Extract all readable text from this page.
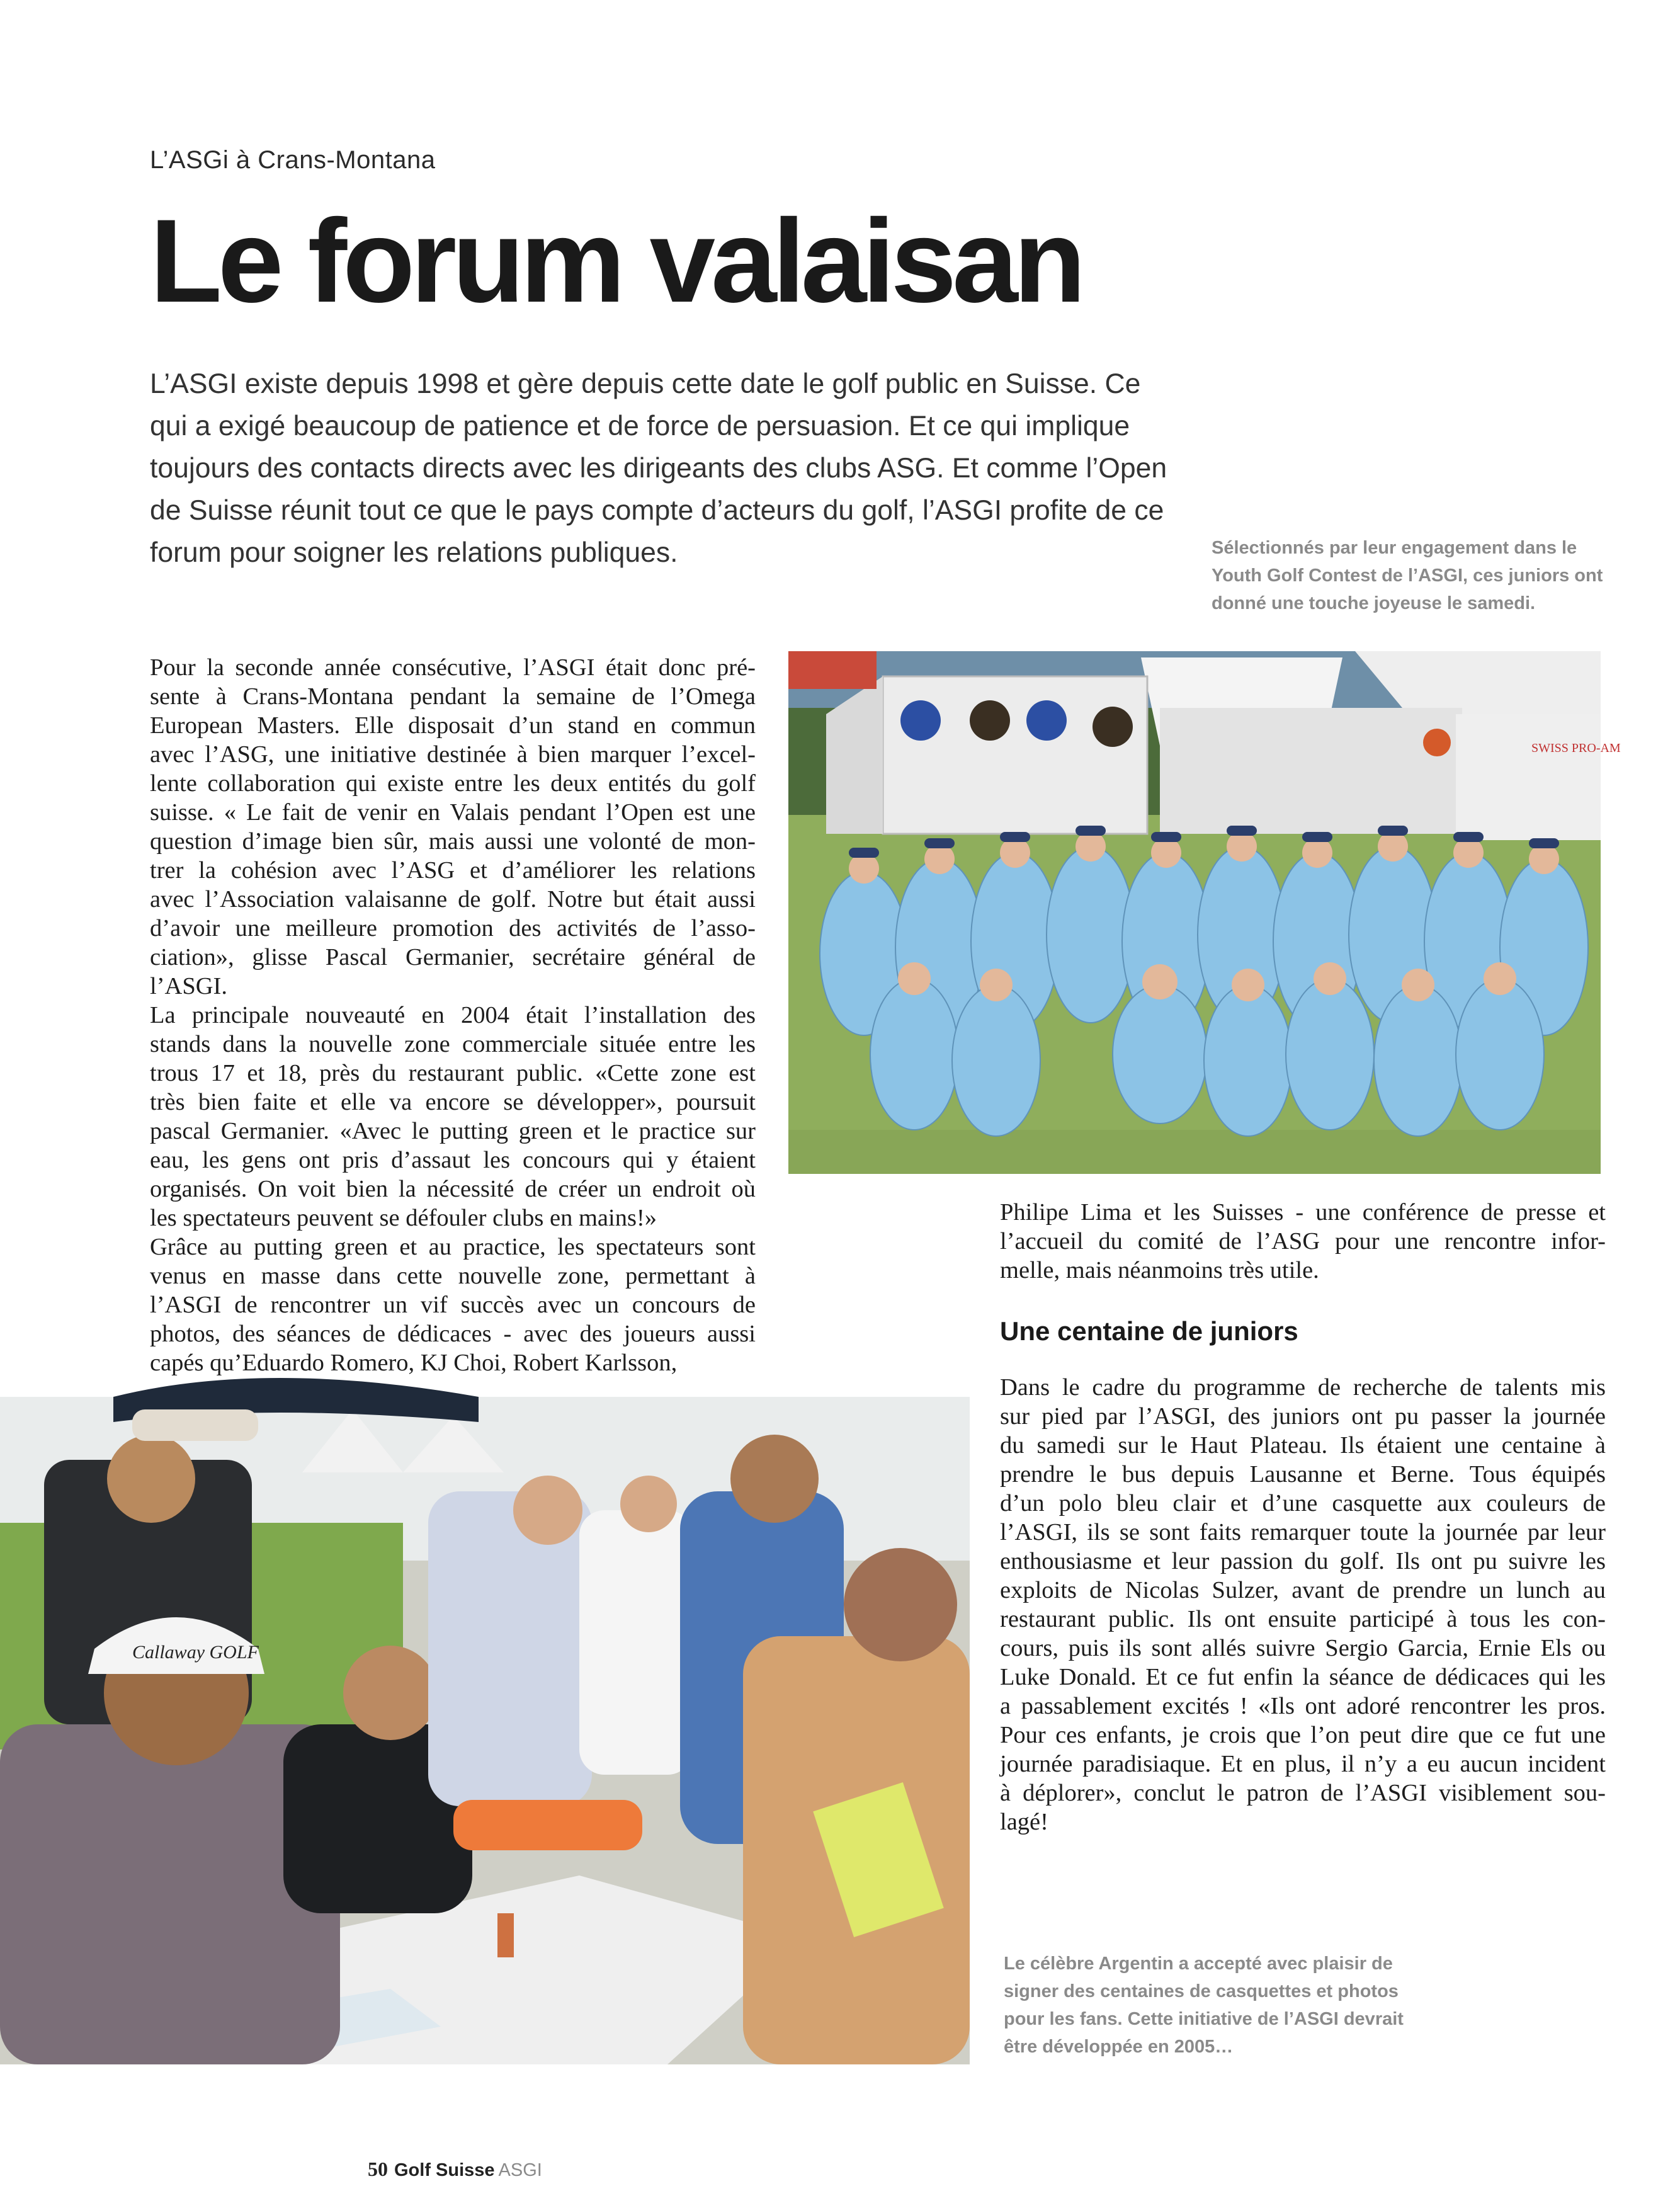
L’ASGi à Crans-Montana
Le forum valaisan

L’ASGI existe depuis 1998 et gère depuis cette date le golf public en Suisse. Ce
qui a exigé beaucoup de patience et de force de persuasion. Et ce qui implique
toujours des contacts directs avec les dirigeants des clubs ASG. Et comme l’Open
de Suisse réunit tout ce que le pays compte d’acteurs du golf, l’ASGI profite de ce
forum pour soigner les relations publiques.	Sélectionnés par leur engagement dans le
Youth Golf Contest de l’ASGI, ces juniors ont
donné une touche joyeuse le samedi.

SWISS PRO-AM

Pour la seconde année consécutive, l’ASGI était donc pré-
sente à Crans-Montana pendant la semaine de l’Omega
European Masters. Elle disposait d’un stand en commun
avec l’ASG, une initiative destinée à bien marquer l’excel-
lente collaboration qui existe entre les deux entités du golf
suisse. « Le fait de venir en Valais pendant l’Open est une
question d’image bien sûr, mais aussi une volonté de mon-
trer la cohésion avec l’ASG et d’améliorer les relations
avec l’Association valaisanne de golf. Notre but était aussi
d’avoir une meilleure promotion des activités de l’asso-
ciation», glisse Pascal Germanier, secrétaire général de
l’ASGI.
La principale nouveauté en 2004 était l’installation des
stands dans la nouvelle zone commerciale située entre les
trous 17 et 18, près du restaurant public. «Cette zone est
très bien faite et elle va encore se développer», poursuit
pascal Germanier. «Avec le putting green et le practice sur
eau, les gens ont pris d’assaut les concours qui y étaient
organisés. On voit bien la nécessité de créer un endroit où
les spectateurs peuvent se défouler clubs en mains!»
Grâce au putting green et au practice, les spectateurs sont
venus en masse dans cette nouvelle zone, permettant à
l’ASGI de rencontrer un vif succès avec un concours de
photos, des séances de dédicaces - avec des joueurs aussi
capés qu’Eduardo Romero, KJ Choi, Robert Karlsson,

Philipe Lima et les Suisses - une conférence de presse et
l’accueil du comité de l’ASG pour une rencontre infor-
melle, mais néanmoins très utile.

Une centaine de juniors

Dans le cadre du programme de recherche de talents mis
sur pied par l’ASGI, des juniors ont pu passer la journée
du samedi sur le Haut Plateau. Ils étaient une centaine à
prendre le bus depuis Lausanne et Berne. Tous équipés
d’un polo bleu clair et d’une casquette aux couleurs de
l’ASGI, ils se sont faits remarquer toute la journée par leur
enthousiasme et leur passion du golf. Ils ont pu suivre les
exploits de Nicolas Sulzer, avant de prendre un lunch au
restaurant public. Ils ont ensuite participé à tous les con-
cours, puis ils sont allés suivre Sergio Garcia, Ernie Els ou
Luke Donald. Et ce fut enfin la séance de dédicaces qui les
a passablement excités ! «Ils ont adoré rencontrer les pros.
Pour ces enfants, je crois que l’on peut dire que ce fut une
journée paradisiaque. Et en plus, il n’y a eu aucun incident
à déplorer», conclut le patron de l’ASGI visiblement sou-
lagé!

Callaway GOLF

Le célèbre Argentin a accepté avec plaisir de
signer des centaines de casquettes et photos
pour les fans. Cette initiative de l’ASGI devrait
être développée en 2005…

50 Golf Suisse ASGI
